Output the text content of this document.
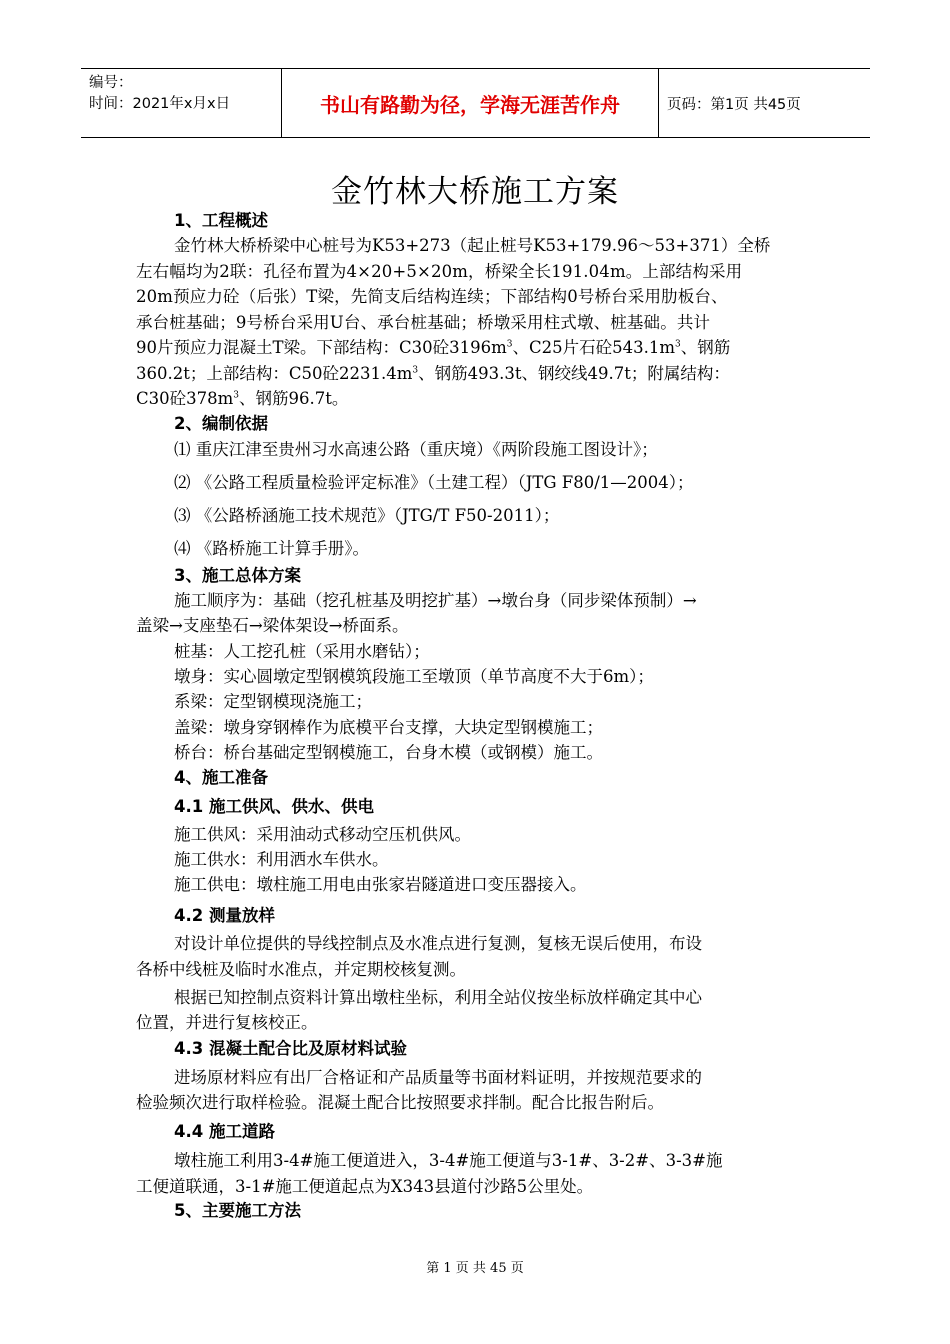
编号：
时间：2021年x月x日	书山有路勤为径，学海无涯苦作舟	页码：第1页 共45页
金竹林大桥施工方案
1、工程概述
金竹林大桥桥梁中心桩号为K53+273（起止桩号K53+179.96～53+371）全桥
左右幅均为2联：孔径布置为4×20+5×20m，桥梁全长191.04m。上部结构采用
20m预应力砼（后张）T梁，先简支后结构连续；下部结构0号桥台采用肋板台、
承台桩基础；9号桥台采用U台、承台桩基础；桥墩采用柱式墩、桩基础。共计
90片预应力混凝土T梁。下部结构：C30砼$3196m^3$、C25片石砼$543.1m^3$、钢筋
360.2t；上部结构：C50砼$2231.4m^3$、钢筋493.3t、钢绞线49.7t；附属结构：
C30砼$378m^3$、钢筋96.7t。
2、编制依据
⑴ 重庆江津至贵州习水高速公路（重庆境）《两阶段施工图设计》；
⑵ 《公路工程质量检验评定标准》（土建工程）（JTG F80/1—2004）；
⑶ 《公路桥涵施工技术规范》（JTG/T F50-2011）；
⑷ 《路桥施工计算手册》。
3、施工总体方案
施工顺序为：基础（挖孔桩基及明挖扩基）→墩台身（同步梁体预制）→
盖梁→支座垫石→梁体架设→桥面系。
桩基：人工挖孔桩（采用水磨钻）；
墩身：实心圆墩定型钢模筑段施工至墩顶（单节高度不大于6m）；
系梁：定型钢模现浇施工；
盖梁：墩身穿钢棒作为底模平台支撑，大块定型钢模施工；
桥台：桥台基础定型钢模施工，台身木模（或钢模）施工。
4、施工准备
4.1 施工供风、供水、供电
施工供风：采用油动式移动空压机供风。
施工供水：利用洒水车供水。
施工供电：墩柱施工用电由张家岩隧道进口变压器接入。
4.2 测量放样
对设计单位提供的导线控制点及水准点进行复测，复核无误后使用，布设
各桥中线桩及临时水准点，并定期校核复测。
根据已知控制点资料计算出墩柱坐标，利用全站仪按坐标放样确定其中心
位置，并进行复核校正。
4.3 混凝土配合比及原材料试验
进场原材料应有出厂合格证和产品质量等书面材料证明，并按规范要求的
检验频次进行取样检验。混凝土配合比按照要求拌制。配合比报告附后。
4.4 施工道路
墩柱施工利用3-4#施工便道进入，3-4#施工便道与3-1#、3-2#、3-3#施
工便道联通，3-1#施工便道起点为X343县道付沙路5公里处。
5、主要施工方法
第 1 页 共 45 页
